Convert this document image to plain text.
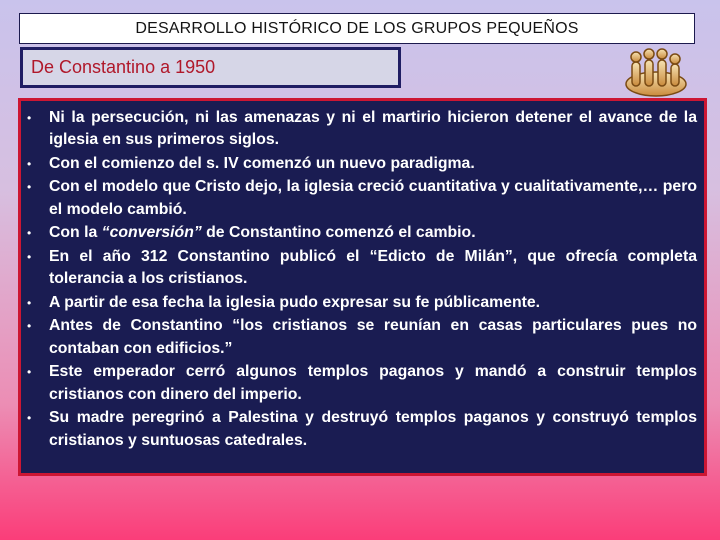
DESARROLLO HISTÓRICO DE LOS GRUPOS PEQUEÑOS
De Constantino a 1950
•	Ni la persecución, ni las amenazas y ni el martirio hicieron detener el avance de la iglesia en sus primeros siglos.
•	Con el comienzo del s. IV comenzó un nuevo paradigma.
•	Con el modelo que Cristo dejo, la iglesia creció cuantitativa y cualitativamente,… pero el modelo cambió.
•	Con la “conversión” de Constantino comenzó el cambio.
•	En el año 312 Constantino publicó el “Edicto de Milán”, que ofrecía completa tolerancia a los cristianos.
•	A partir de esa fecha la iglesia pudo expresar su fe públicamente.
•	Antes de Constantino “los cristianos se reunían en casas particulares pues no contaban con edificios.”
•	Este emperador cerró algunos templos paganos y mandó a construir templos cristianos con dinero del imperio.
•	Su madre peregrinó a Palestina y destruyó templos paganos y construyó templos cristianos y suntuosas catedrales.
